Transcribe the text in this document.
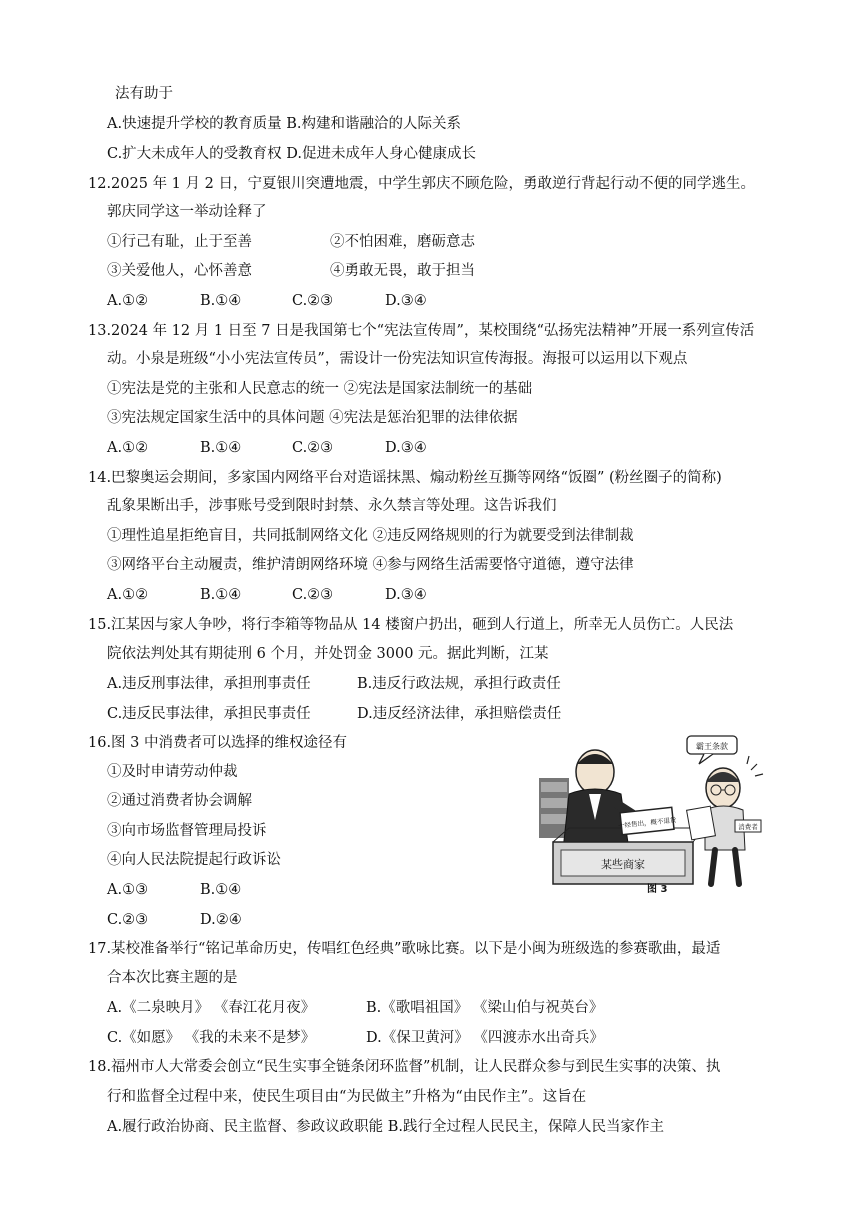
法有助于
A.快速提升学校的教育质量 B.构建和谐融洽的人际关系
C.扩大未成年人的受教育权 D.促进未成年人身心健康成长
12.2025 年 1 月 2 日，宁夏银川突遭地震，中学生郭庆不顾危险，勇敢逆行背起行动不便的同学逃生。
郭庆同学这一举动诠释了
①行己有耻，止于至善	②不怕困难，磨砺意志
③关爱他人，心怀善意	④勇敢无畏，敢于担当
A.①②	B.①④	C.②③	D.③④
13.2024 年 12 月 1 日至 7 日是我国第七个“宪法宣传周”，某校围绕“弘扬宪法精神”开展一系列宣传活
动。小泉是班级“小小宪法宣传员”，需设计一份宪法知识宣传海报。海报可以运用以下观点
①宪法是党的主张和人民意志的统一 ②宪法是国家法制统一的基础
③宪法规定国家生活中的具体问题 ④宪法是惩治犯罪的法律依据
A.①②	B.①④	C.②③	D.③④
14.巴黎奥运会期间，多家国内网络平台对造谣抹黑、煽动粉丝互撕等网络“饭圈” (粉丝圈子的简称)
乱象果断出手，涉事账号受到限时封禁、永久禁言等处理。这告诉我们
①理性追星拒绝盲目，共同抵制网络文化 ②违反网络规则的行为就要受到法律制裁
③网络平台主动履责，维护清朗网络环境 ④参与网络生活需要恪守道德，遵守法律
A.①②	B.①④	C.②③	D.③④
15.江某因与家人争吵，将行李箱等物品从 14 楼窗户扔出，砸到人行道上，所幸无人员伤亡。人民法
院依法判处其有期徒刑 6 个月，并处罚金 3000 元。据此判断，江某
A.违反刑事法律，承担刑事责任	B.违反行政法规，承担行政责任
C.违反民事法律，承担民事责任	D.违反经济法律，承担赔偿责任
16.图 3 中消费者可以选择的维权途径有
①及时申请劳动仲裁
②通过消费者协会调解
③向市场监督管理局投诉
④向人民法院提起行政诉讼
A.①③	B.①④
C.②③	D.②④
某些商家
一经售出，概不退货
霸王条款
消费者
图 3
17.某校准备举行“铭记革命历史，传唱红色经典”歌咏比赛。以下是小闽为班级选的参赛歌曲，最适
合本次比赛主题的是
A.《二泉映月》 《春江花月夜》	B.《歌唱祖国》 《梁山伯与祝英台》
C.《如愿》 《我的未来不是梦》	D.《保卫黄河》 《四渡赤水出奇兵》
18.福州市人大常委会创立“民生实事全链条闭环监督”机制，让人民群众参与到民生实事的决策、执
行和监督全过程中来，使民生项目由“为民做主”升格为“由民作主”。这旨在
A.履行政治协商、民主监督、参政议政职能 B.践行全过程人民民主，保障人民当家作主
